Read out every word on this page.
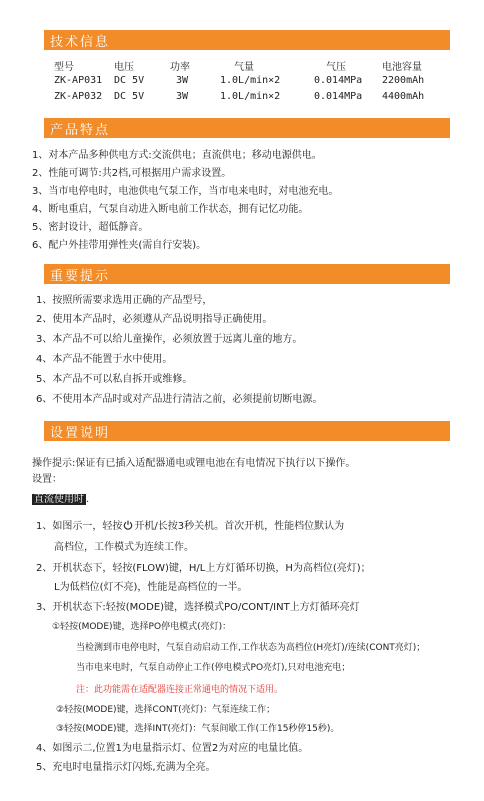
技术信息
型号	电压	功率	气量	气压	电池容量
ZK-AP031 DC 5V	3W	1.0L/min×2	0.014MPa 2200mAh
ZK-AP032 DC 5V	3W	1.0L/min×2	0.014MPa 4400mAh
产品特点
1、对本产品多种供电方式:交流供电；直流供电；移动电源供电。
2、性能可调节:共2档,可根据用户需求设置。
3、当市电停电时，电池供电气泵工作，当市电来电时，对电池充电。
4、断电重启，气泵自动进入断电前工作状态，拥有记忆功能。
5、密封设计，超低静音。
6、配户外挂带用弹性夹(需自行安装)。
重要提示
1、按照所需要求选用正确的产品型号，
2、使用本产品时，必须遵从产品说明指导正确使用。
3、本产品不可以给儿童操作，必须放置于远离儿童的地方。
4、本产品不能置于水中使用。
5、本产品不可以私自拆开或维修。
6、不使用本产品时或对产品进行清洁之前，必须提前切断电源。
设置说明
操作提示:保证有已插入适配器通电或锂电池在有电情况下执行以下操作。
设置：
直流使用时 .
1、如图示一，轻按 开机/长按3秒关机。首次开机，性能档位默认为
高档位，工作模式为连续工作。
2、开机状态下，轻按(FLOW)键，H/L上方灯循环切换，H为高档位(亮灯)；
L为低档位(灯不亮)，性能是高档位的一半。
3、开机状态下:轻按(MODE)键，选择模式PO/CONT/INT上方灯循环亮灯
①轻按(MODE)键，选择PO停电模式(亮灯)：
当检测到市电停电时，气泵自动启动工作,工作状态为高档位(H亮灯)/连续(CONT亮灯)；
当市电来电时，气泵自动停止工作(停电模式PO亮灯),只对电池充电；
注：此功能需在适配器连接正常通电的情况下适用。
②轻按(MODE)键，选择CONT(亮灯)：气泵连续工作；
③轻按(MODE)键，选择INT(亮灯)：气泵间歇工作(工作15秒停15秒)。
4、如图示二,位置1为电量指示灯、位置2为对应的电量比值。
5、充电时电量指示灯闪烁,充满为全亮。
